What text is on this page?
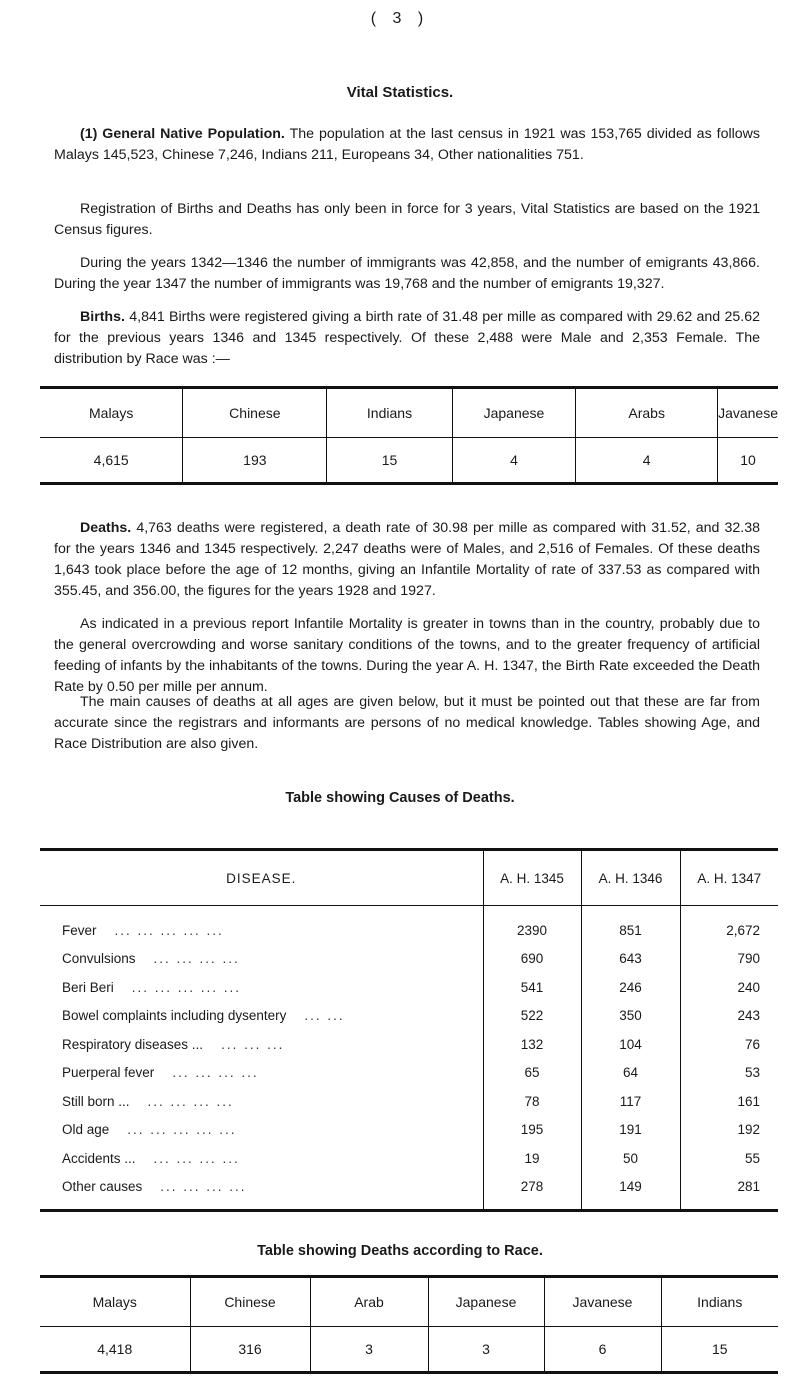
( 3 )
Vital Statistics.

(1) General Native Population. The population at the last census in 1921 was 153,765 divided as follows Malays 145,523, Chinese 7,246, Indians 211, Europeans 34, Other nationalities 751.

Registration of Births and Deaths has only been in force for 3 years, Vital Statistics are based on the 1921 Census figures.

During the years 1342—1346 the number of immigrants was 42,858, and the number of emigrants 43,866. During the year 1347 the number of immigrants was 19,768 and the number of emigrants 19,327.

Births. 4,841 Births were registered giving a birth rate of 31.48 per mille as compared with 29.62 and 25.62 for the previous years 1346 and 1345 respectively. Of these 2,488 were Male and 2,353 Female. The distribution by Race was :—

Malays	Chinese	Indians	Japanese	Arabs	Javanese
4,615	193	15	4	4	10

Deaths. 4,763 deaths were registered, a death rate of 30.98 per mille as compared with 31.52, and 32.38 for the years 1346 and 1345 respectively. 2,247 deaths were of Males, and 2,516 of Females. Of these deaths 1,643 took place before the age of 12 months, giving an Infantile Mortality of rate of 337.53 as compared with 355.45, and 356.00, the figures for the years 1928 and 1927.

As indicated in a previous report Infantile Mortality is greater in towns than in the country, probably due to the general overcrowding and worse sanitary conditions of the towns, and to the greater frequency of artificial feeding of infants by the inhabitants of the towns. During the year A. H. 1347, the Birth Rate exceeded the Death Rate by 0.50 per mille per annum.

The main causes of deaths at all ages are given below, but it must be pointed out that these are far from accurate since the registrars and informants are persons of no medical knowledge. Tables showing Age, and Race Distribution are also given.

Table showing Causes of Deaths.
DISEASE.	A. H. 1345	A. H. 1346	A. H. 1347
Fever ... ... ... ... ...	2390	851	2,672
Convulsions ... ... ... ...	690	643	790
Beri Beri ... ... ... ... ...	541	246	240
Bowel complaints including dysentery ... ...	522	350	243
Respiratory diseases ... ... ... ...	132	104	76
Puerperal fever ... ... ... ...	65	64	53
Still born ... ... ... ... ...	78	117	161
Old age ... ... ... ... ...	195	191	192
Accidents ... ... ... ... ...	19	50	55
Other causes ... ... ... ...	278	149	281
Table showing Deaths according to Race.
Malays	Chinese	Arab	Japanese	Javanese	Indians
4,418	316	3	3	6	15
